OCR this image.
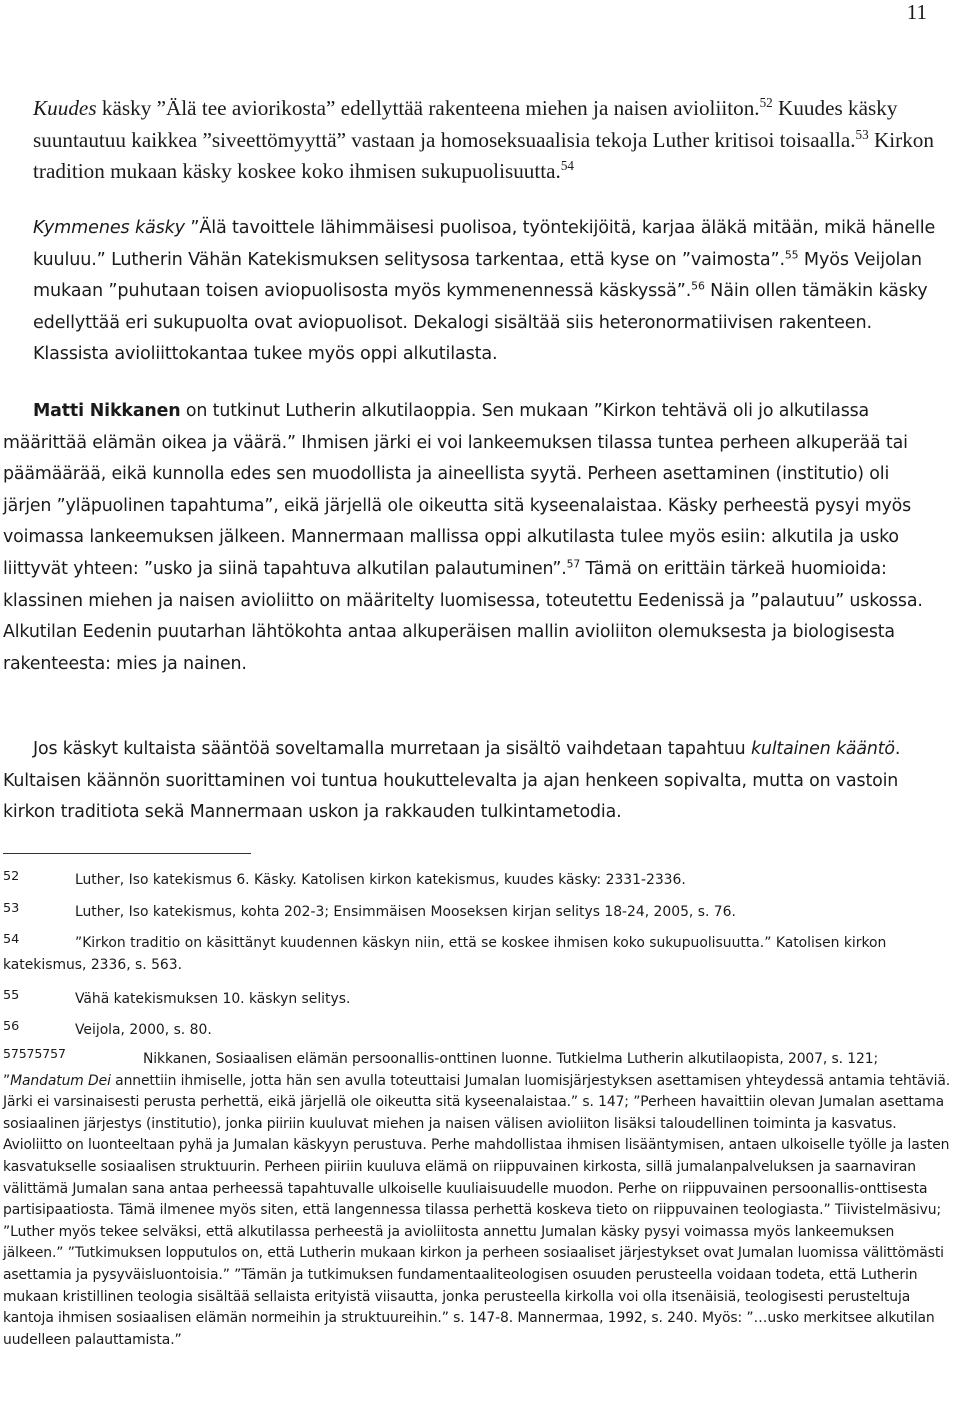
11

Kuudes käsky ”Älä tee aviorikosta” edellyttää rakenteena miehen ja naisen avioliiton.$^{52}$ Kuudes käsky suuntautuu kaikkea ”siveettömyyttä” vastaan ja homoseksuaalisia tekoja Luther kritisoi toisaalla.$^{53}$ Kirkon tradition mukaan käsky koskee koko ihmisen sukupuolisuutta.$^{54}$

Kymmenes käsky ”Älä tavoittele lähimmäisesi puolisoa, työntekijöitä, karjaa äläkä mitään, mikä hänelle kuuluu.” Lutherin Vähän Katekismuksen selitysosa tarkentaa, että kyse on ”vaimosta”.$^{55}$ Myös Veijolan mukaan ”puhutaan toisen aviopuolisosta myös kymmenennessä käskyssä”.$^{56}$ Näin ollen tämäkin käsky edellyttää eri sukupuolta ovat aviopuolisot. Dekalogi sisältää siis heteronormatiivisen rakenteen. Klassista avioliittokantaa tukee myös oppi alkutilasta.

Matti Nikkanen on tutkinut Lutherin alkutilaoppia. Sen mukaan ”Kirkon tehtävä oli jo alkutilassa määrittää elämän oikea ja väärä.” Ihmisen järki ei voi lankeemuksen tilassa tuntea perheen alkuperää tai päämäärää, eikä kunnolla edes sen muodollista ja aineellista syytä. Perheen asettaminen (institutio) oli järjen ”yläpuolinen tapahtuma”, eikä järjellä ole oikeutta sitä kyseenalaistaa. Käsky perheestä pysyi myös voimassa lankeemuksen jälkeen. Mannermaan mallissa oppi alkutilasta tulee myös esiin: alkutila ja usko liittyvät yhteen: ”usko ja siinä tapahtuva alkutilan palautuminen”.$^{57}$ Tämä on erittäin tärkeä huomioida: klassinen miehen ja naisen avioliitto on määritelty luomisessa, toteutettu Eedenissä ja ”palautuu” uskossa. Alkutilan Eedenin puutarhan lähtökohta antaa alkuperäisen mallin avioliiton olemuksesta ja biologisesta rakenteesta: mies ja nainen.

Jos käskyt kultaista sääntöä soveltamalla murretaan ja sisältö vaihdetaan tapahtuu kultainen kääntö. Kultaisen käännön suorittaminen voi tuntua houkuttelevalta ja ajan henkeen sopivalta, mutta on vastoin kirkon traditiota sekä Mannermaan uskon ja rakkauden tulkintametodia.

52	Luther, Iso katekismus 6. Käsky. Katolisen kirkon katekismus, kuudes käsky: 2331-2336.

53	Luther, Iso katekismus, kohta 202-3; Ensimmäisen Mooseksen kirjan selitys 18-24, 2005, s. 76.

54	”Kirkon traditio on käsittänyt kuudennen käskyn niin, että se koskee ihmisen koko sukupuolisuutta.” Katolisen kirkon katekismus, 2336, s. 563.

55	Vähä katekismuksen 10. käskyn selitys.

56	Veijola, 2000, s. 80.

57575757	Nikkanen, Sosiaalisen elämän persoonallis-onttinen luonne. Tutkielma Lutherin alkutilaopista, 2007, s. 121; ”Mandatum Dei annettiin ihmiselle, jotta hän sen avulla toteuttaisi Jumalan luomisjärjestyksen asettamisen yhteydessä antamia tehtäviä. Järki ei varsinaisesti perusta perhettä, eikä järjellä ole oikeutta sitä kyseenalaistaa.” s. 147; ”Perheen havaittiin olevan Jumalan asettama sosiaalinen järjestys (institutio), jonka piiriin kuuluvat miehen ja naisen välisen avioliiton lisäksi taloudellinen toiminta ja kasvatus. Avioliitto on luonteeltaan pyhä ja Jumalan käskyyn perustuva. Perhe mahdollistaa ihmisen lisääntymisen, antaen ulkoiselle työlle ja lasten kasvatukselle sosiaalisen struktuurin. Perheen piiriin kuuluva elämä on riippuvainen kirkosta, sillä jumalanpalveluksen ja saarnaviran välittämä Jumalan sana antaa perheessä tapahtuvalle ulkoiselle kuuliaisuudelle muodon. Perhe on riippuvainen persoonallis-onttisesta partisipaatiosta. Tämä ilmenee myös siten, että langennessa tilassa perhettä koskeva tieto on riippuvainen teologiasta.” Tiivistelmäsivu; ”Luther myös tekee selväksi, että alkutilassa perheestä ja avioliitosta annettu Jumalan käsky pysyi voimassa myös lankeemuksen jälkeen.” ”Tutkimuksen lopputulos on, että Lutherin mukaan kirkon ja perheen sosiaaliset järjestykset ovat Jumalan luomissa välittömästi asettamia ja pysyväisluontoisia.” ”Tämän ja tutkimuksen fundamentaaliteologisen osuuden perusteella voidaan todeta, että Lutherin mukaan kristillinen teologia sisältää sellaista erityistä viisautta, jonka perusteella kirkolla voi olla itsenäisiä, teologisesti perusteltuja kantoja ihmisen sosiaalisen elämän normeihin ja struktuureihin.” s. 147-8. Mannermaa, 1992, s. 240. Myös: ”…usko merkitsee alkutilan uudelleen palauttamista.”
